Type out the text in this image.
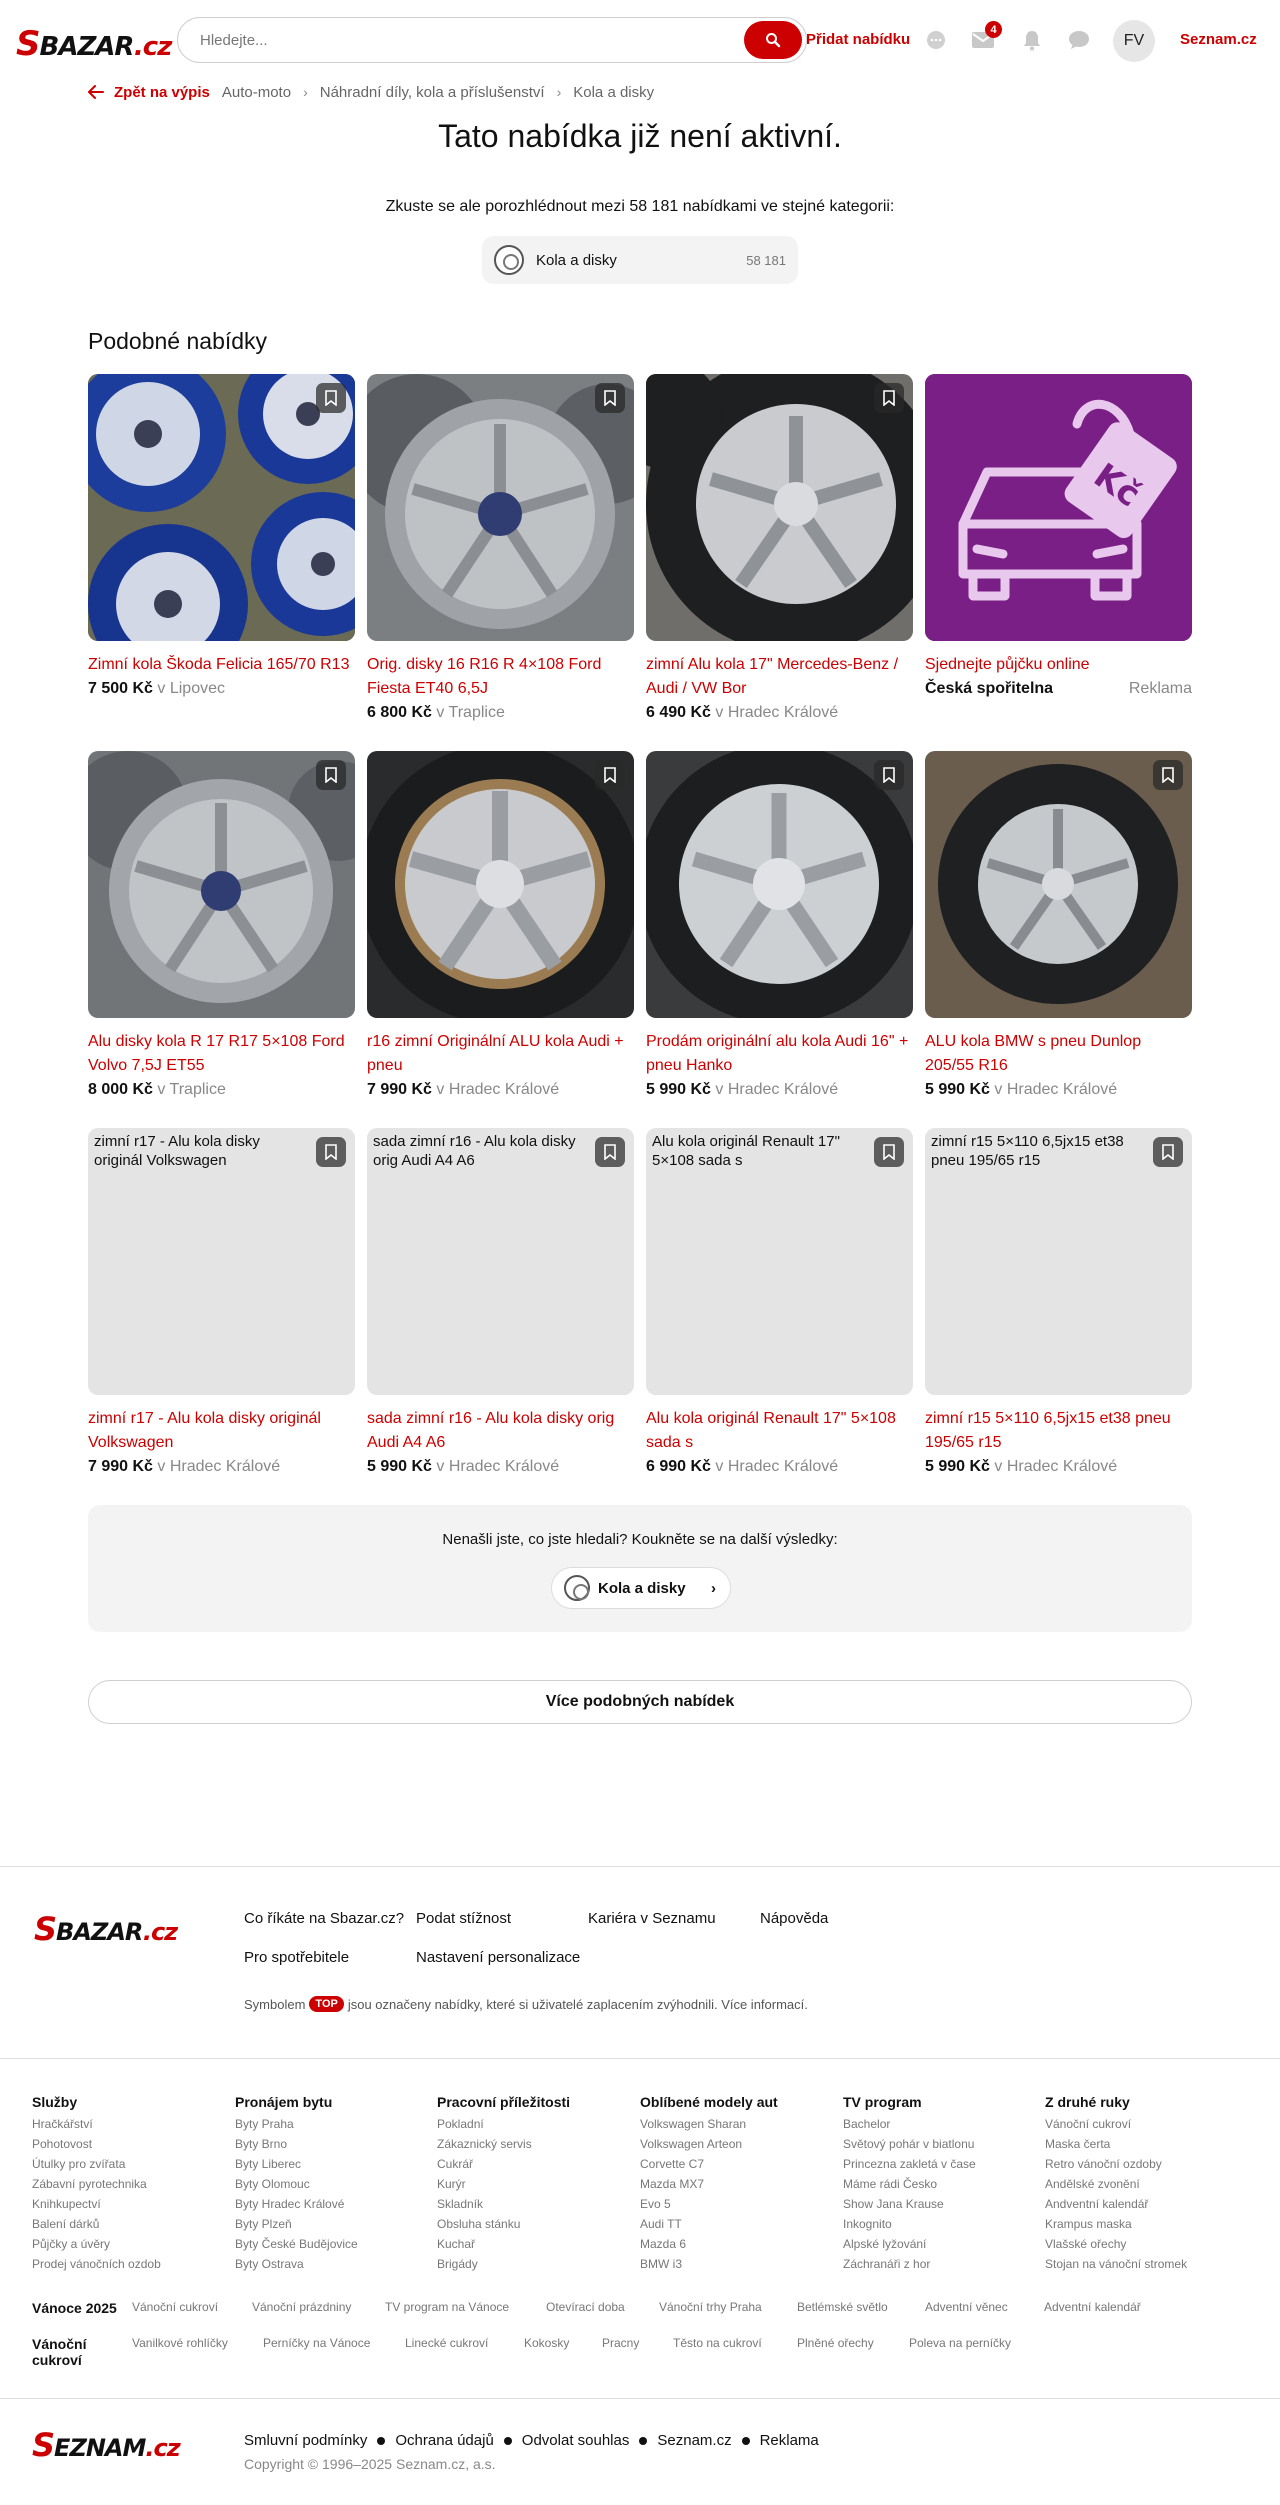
SBAZAR.cz
Hledejte...	Přidat nabídku
4
FV	Seznam.cz
Zpět na výpis Auto-moto › Náhradní díly, kola a příslušenství › Kola a disky
Tato nabídka již není aktivní.
Zkuste se ale porozhlédnout mezi 58 181 nabídkami ve stejné kategorii:
Kola a disky	58 181
Podobné nabídky
Zimní kola Škoda Felicia 165/70 R13
7 500 Kč v Lipovec
Orig. disky 16 R16 R 4×108 Ford Fiesta ET40 6,5J
6 800 Kč v Traplice
zimní Alu kola 17" Mercedes-Benz / Audi / VW Bor
6 490 Kč v Hradec Králové
Kč
Sjednejte půjčku online
Česká spořitelna	Reklama
Alu disky kola R 17 R17 5×108 Ford Volvo 7,5J ET55
8 000 Kč v Traplice
r16 zimní Originální ALU kola Audi + pneu
7 990 Kč v Hradec Králové
Prodám originální alu kola Audi 16" + pneu Hanko
5 990 Kč v Hradec Králové
ALU kola BMW s pneu Dunlop 205/55 R16
5 990 Kč v Hradec Králové
zimní r17 - Alu kola disky originál Volkswagen
zimní r17 - Alu kola disky originál Volkswagen
7 990 Kč v Hradec Králové
sada zimní r16 - Alu kola disky orig Audi A4 A6
sada zimní r16 - Alu kola disky orig Audi A4 A6
5 990 Kč v Hradec Králové
Alu kola originál Renault 17" 5×108 sada s
Alu kola originál Renault 17" 5×108 sada s
6 990 Kč v Hradec Králové
zimní r15 5×110 6,5jx15 et38 pneu 195/65 r15
zimní r15 5×110 6,5jx15 et38 pneu 195/65 r15
5 990 Kč v Hradec Králové
Nenašli jste, co jste hledali? Koukněte se na další výsledky:
Kola a disky	›
Více podobných nabídek
SBAZAR.cz	Co říkáte na Sbazar.cz? Podat stížnost	Kariéra v Seznamu	Nápověda
Pro spotřebitele	Nastavení personalizace
Symbolem TOP jsou označeny nabídky, které si uživatelé zaplacením zvýhodnili. Více informací.
Služby
Hračkářství
Pohotovost
Útulky pro zvířata
Zábavní pyrotechnika
Knihkupectví
Balení dárků
Půjčky a úvěry
Prodej vánočních ozdob
Pronájem bytu
Byty Praha
Byty Brno
Byty Liberec
Byty Olomouc
Byty Hradec Králové
Byty Plzeň
Byty České Budějovice
Byty Ostrava
Pracovní příležitosti
Pokladní
Zákaznický servis
Cukrář
Kurýr
Skladník
Obsluha stánku
Kuchař
Brigády
Oblíbené modely aut
Volkswagen Sharan
Volkswagen Arteon
Corvette C7
Mazda MX7
Evo 5
Audi TT
Mazda 6
BMW i3
TV program
Bachelor
Světový pohár v biatlonu
Princezna zakletá v čase
Máme rádi Česko
Show Jana Krause
Inkognito
Alpské lyžování
Záchranáři z hor
Z druhé ruky
Vánoční cukroví
Maska čerta
Retro vánoční ozdoby
Andělské zvonění
Andventní kalendář
Krampus maska
Vlašské ořechy
Stojan na vánoční stromek
Vánoce 2025 Vánoční cukroví	Vánoční prázdniny	TV program na Vánoce	Otevírací doba	Vánoční trhy Praha	Betlémské světlo	Adventní věnec	Adventní kalendář
Vánoční cukroví
Vanilkové rohlíčky	Perníčky na Vánoce	Linecké cukroví	Kokosky	Pracny	Těsto na cukroví	Plněné ořechy	Poleva na perníčky
SEZNAM.cz	Smluvní podmínky Ochrana údajů Odvolat souhlas Seznam.cz Reklama
Copyright © 1996–2025 Seznam.cz, a.s.
